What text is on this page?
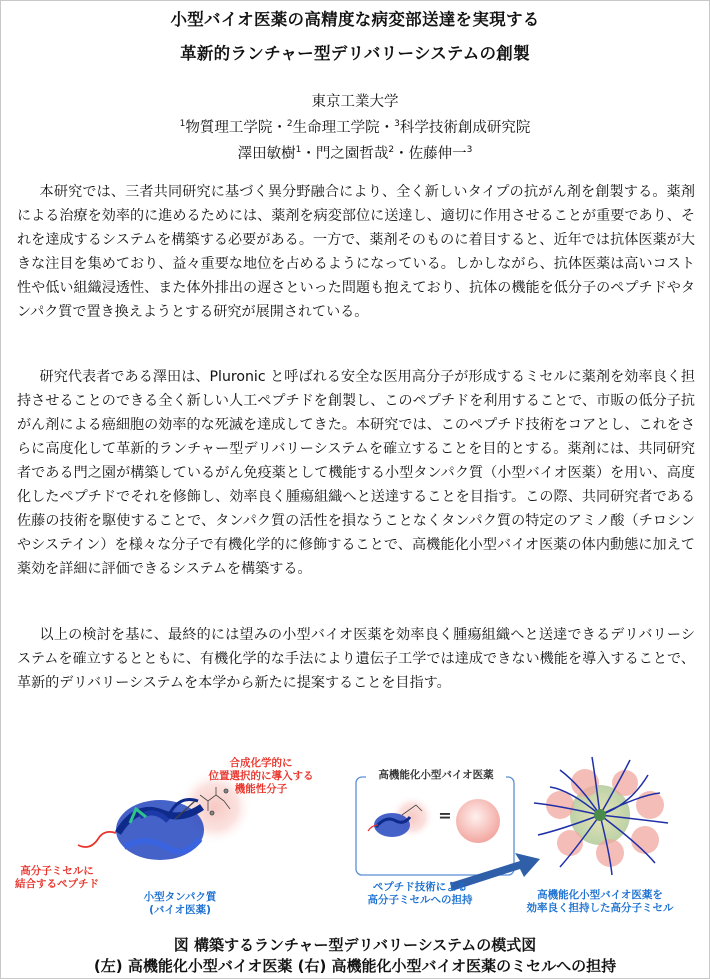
小型バイオ医薬の高精度な病変部送達を実現する
革新的ランチャー型デリバリーシステムの創製
東京工業大学
$^1$物質理工学院・$^2$生命理工学院・$^3$科学技術創成研究院
澤田敏樹$^1$・門之園哲哉$^2$・佐藤伸一$^3$
本研究では、三者共同研究に基づく異分野融合により、全く新しいタイプの抗がん剤を創製する。薬剤による治療を効率的に進めるためには、薬剤を病変部位に送達し、適切に作用させることが重要であり、それを達成するシステムを構築する必要がある。一方で、薬剤そのものに着目すると、近年では抗体医薬が大きな注目を集めており、益々重要な地位を占めるようになっている。しかしながら、抗体医薬は高いコスト性や低い組織浸透性、また体外排出の遅さといった問題も抱えており、抗体の機能を低分子のペプチドやタンパク質で置き換えようとする研究が展開されている。
研究代表者である澤田は、Pluronic と呼ばれる安全な医用高分子が形成するミセルに薬剤を効率良く担持させることのできる全く新しい人工ペプチドを創製し、このペプチドを利用することで、市販の低分子抗がん剤による癌細胞の効率的な死滅を達成してきた。本研究では、このペプチド技術をコアとし、これをさらに高度化して革新的ランチャー型デリバリーシステムを確立することを目的とする。薬剤には、共同研究者である門之園が構築しているがん免疫薬として機能する小型タンパク質（小型バイオ医薬）を用い、高度化したペプチドでそれを修飾し、効率良く腫瘍組織へと送達することを目指す。この際、共同研究者である佐藤の技術を駆使することで、タンパク質の活性を損なうことなくタンパク質の特定のアミノ酸（チロシンやシステイン）を様々な分子で有機化学的に修飾することで、高機能化小型バイオ医薬の体内動態に加えて薬効を詳細に評価できるシステムを構築する。
以上の検討を基に、最終的には望みの小型バイオ医薬を効率良く腫瘍組織へと送達できるデリバリーシステムを確立するとともに、有機化学的な手法により遺伝子工学では達成できない機能を導入することで、革新的デリバリーシステムを本学から新たに提案することを目指す。
合成化学的に
位置選択的に導入する
機能性分子
高分子ミセルに
結合するペプチド
小型タンパク質
(バイオ医薬)
高機能化小型バイオ医薬
=
ペプチド技術による
高分子ミセルへの担持	高機能化小型バイオ医薬を
効率良く担持した高分子ミセル
図 構築するランチャー型デリバリーシステムの模式図
(左) 高機能化小型バイオ医薬 (右) 高機能化小型バイオ医薬のミセルへの担持
